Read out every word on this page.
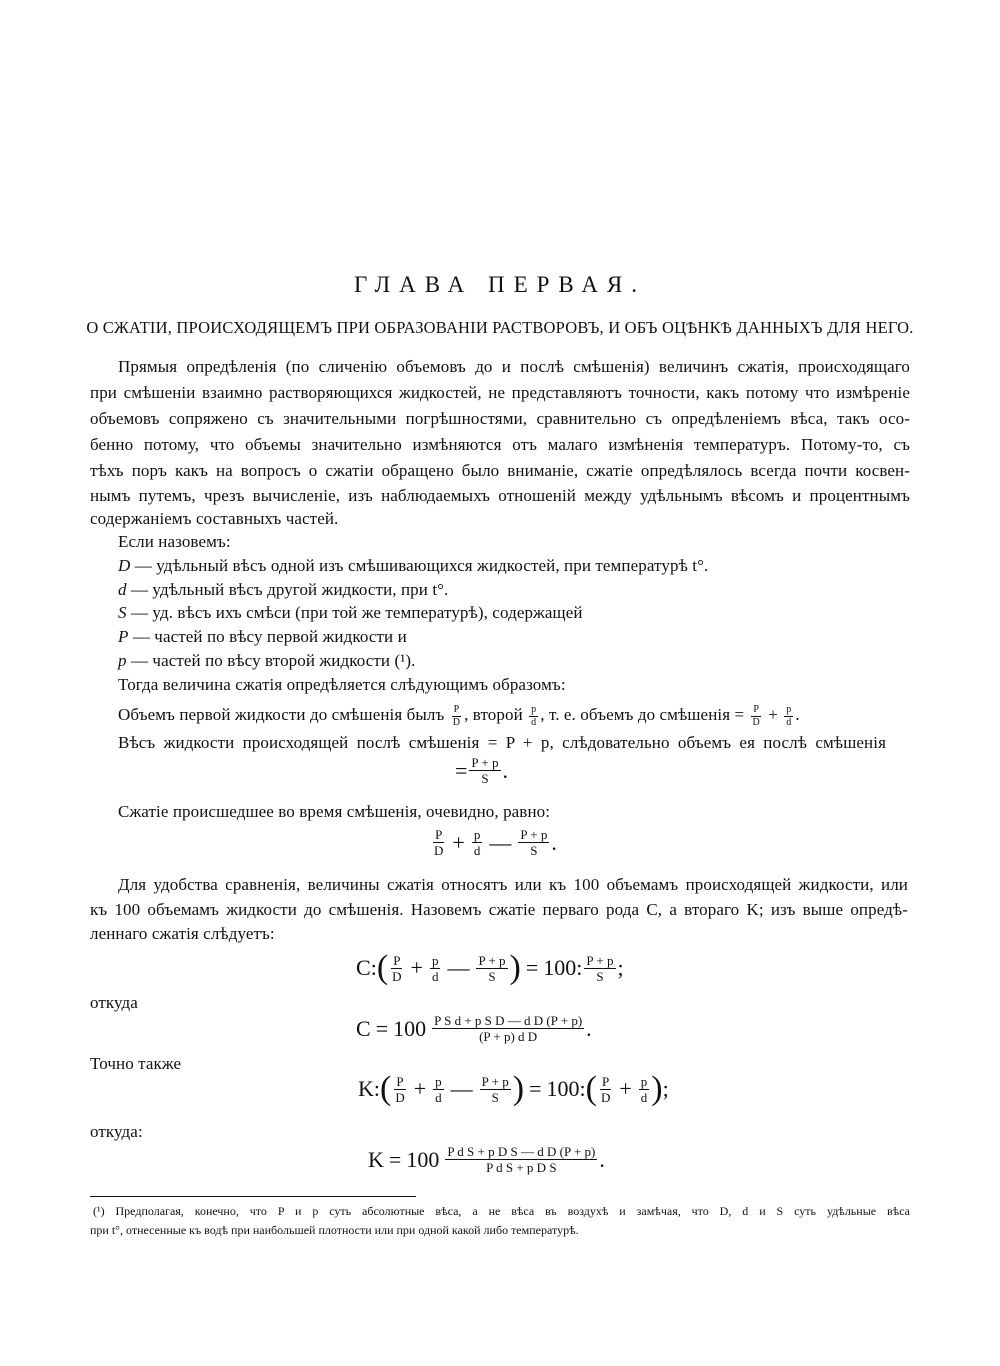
ГЛАВА ПЕРВАЯ.
О СЖАТІИ, ПРОИСХОДЯЩЕМЪ ПРИ ОБРАЗОВАНІИ РАСТВОРОВЪ, И ОБЪ ОЦѢНКѢ ДАННЫХЪ ДЛЯ НЕГО.
Прямыя опредѣленія (по сличенію объемовъ до и послѣ смѣшенія) величинъ сжатія, происходящаго
при смѣшеніи взаимно растворяющихся жидкостей, не представляютъ точности, какъ потому что измѣреніе
объемовъ сопряжено съ значительными погрѣшностями, сравнительно съ опредѣленіемъ вѣса, такъ осо-
бенно потому, что объемы значительно измѣняются отъ малаго измѣненія температуръ. Потому-то, съ
тѣхъ поръ какъ на вопросъ о сжатіи обращено было вниманіе, сжатіе опредѣлялось всегда почти косвен-
нымъ путемъ, чрезъ вычисленіе, изъ наблюдаемыхъ отношеній между удѣльнымъ вѣсомъ и процентнымъ
содержаніемъ составныхъ частей.
Если назовемъ:
D — удѣльный вѣсъ одной изъ смѣшивающихся жидкостей, при температурѣ t°.
d — удѣльный вѣсъ другой жидкости, при t°.
S — уд. вѣсъ ихъ смѣси (при той же температурѣ), содержащей
P — частей по вѣсу первой жидкости и
p — частей по вѣсу второй жидкости (¹).
Тогда величина сжатія опредѣляется слѣдующимъ образомъ:
Объемъ первой жидкости до смѣшенія былъ $\frac{P}{D}$ , второй $\frac{p}{d}$ , т. е. объемъ до смѣшенія = $\frac{P}{D} + \frac{p}{d}$ .
Вѣсъ жидкости происходящей послѣ смѣшенія = P + p, слѣдовательно объемъ ея послѣ смѣшенія
= $\frac{P + p}{S}$ .
Сжатіе происшедшее во время смѣшенія, очевидно, равно:
$\frac{P}{D} + \frac{p}{d}$ — $\frac{P + p}{S}$ .
Для удобства сравненія, величины сжатія относятъ или къ 100 объемамъ происходящей жидкости, или
къ 100 объемамъ жидкости до смѣшенія. Назовемъ сжатіе перваго рода C, а втораго K; изъ выше опредѣ-
леннаго сжатія слѣдуетъ:
C : ( $\frac{P}{D} + \frac{p}{d}$ — $\frac{P + p}{S}$ ) = 100 : $\frac{P + p}{S}$ ;
откуда
$C = 100 \frac{\text{P S d + p S D — d D (P + p)}}{\text{(P + p) d D}}$ .
Точно также
K : ( $\frac{P}{D} + \frac{p}{d}$ — $\frac{P + p}{S}$ ) = 100 : ( $\frac{P}{D} + \frac{p}{d}$ ) ;
откуда:
$K = 100 \frac{\text{P d S + p D S — d D (P + p)}}{\text{P d S + p D S}}$ .
(¹) Предполагая, конечно, что P и p суть абсолютные вѣса, а не вѣса въ воздухѣ и замѣчая, что D, d и S суть удѣльные вѣса
при t°, отнесенные къ водѣ при наибольшей плотности или при одной какой либо температурѣ.
